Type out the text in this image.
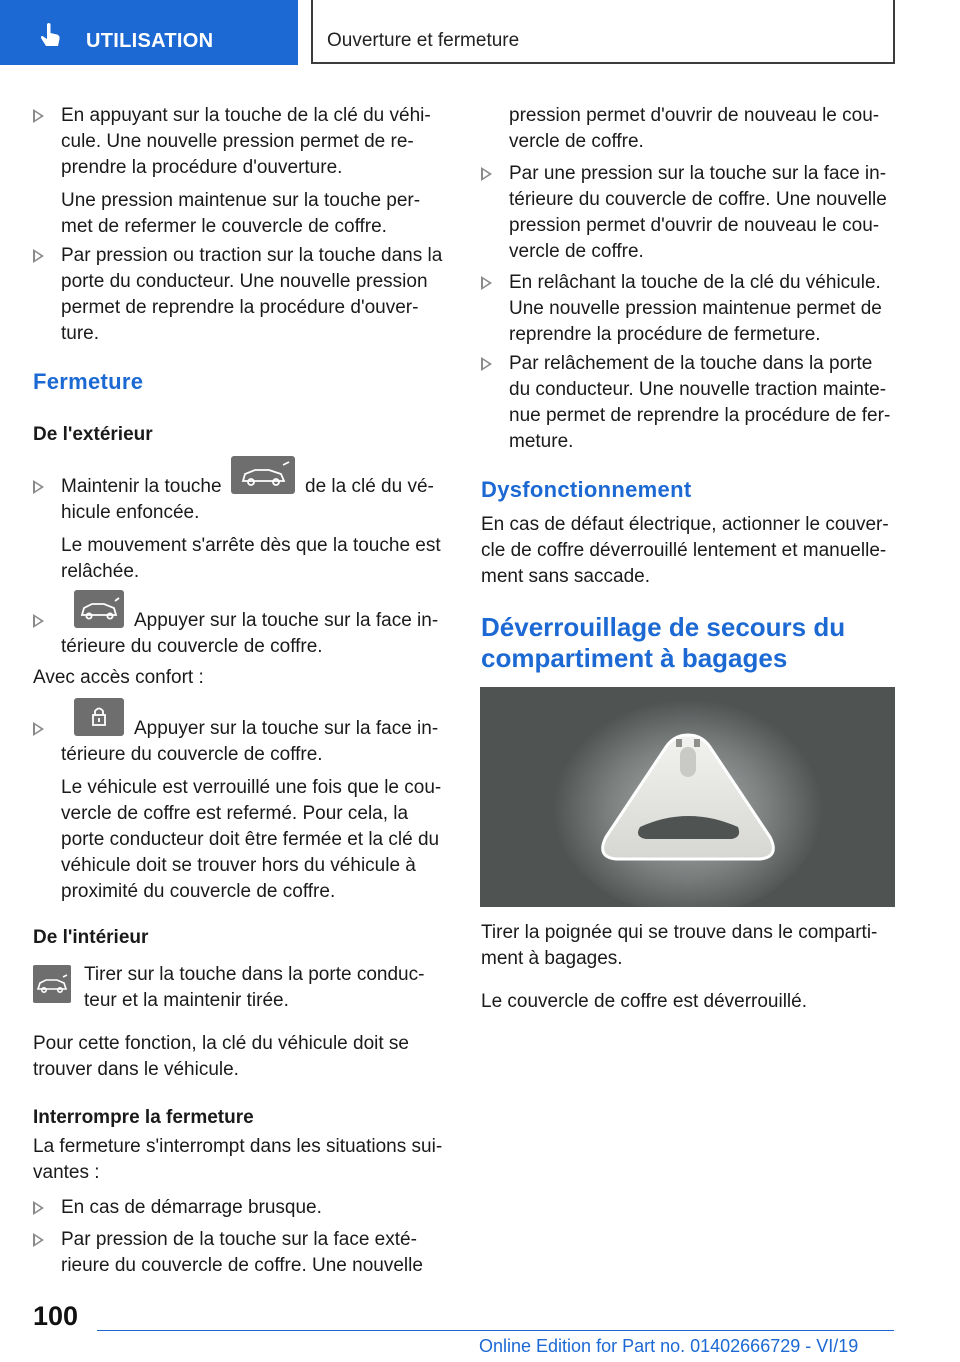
UTILISATION	Ouverture et fermeture
En appuyant sur la touche de la clé du véhi‐
cule. Une nouvelle pression permet de re‐
prendre la procédure d'ouverture.
Une pression maintenue sur la touche per‐
met de refermer le couvercle de coffre.
Par pression ou traction sur la touche dans la
porte du conducteur. Une nouvelle pression
permet de reprendre la procédure d'ouver‐
ture.
Fermeture
De l'extérieur
Maintenir la touche	de la clé du vé‐
hicule enfoncée.
Le mouvement s'arrête dès que la touche est
relâchée.
Appuyer sur la touche sur la face in‐
térieure du couvercle de coffre.
Avec accès confort :
Appuyer sur la touche sur la face in‐
térieure du couvercle de coffre.
Le véhicule est verrouillé une fois que le cou‐
vercle de coffre est refermé. Pour cela, la
porte conducteur doit être fermée et la clé du
véhicule doit se trouver hors du véhicule à
proximité du couvercle de coffre.
De l'intérieur
Tirer sur la touche dans la porte conduc‐
teur et la maintenir tirée.
Pour cette fonction, la clé du véhicule doit se
trouver dans le véhicule.
Interrompre la fermeture
La fermeture s'interrompt dans les situations sui‐
vantes :
En cas de démarrage brusque.
Par pression de la touche sur la face exté‐
rieure du couvercle de coffre. Une nouvelle
pression permet d'ouvrir de nouveau le cou‐
vercle de coffre.
Par une pression sur la touche sur la face in‐
térieure du couvercle de coffre. Une nouvelle
pression permet d'ouvrir de nouveau le cou‐
vercle de coffre.
En relâchant la touche de la clé du véhicule.
Une nouvelle pression maintenue permet de
reprendre la procédure de fermeture.
Par relâchement de la touche dans la porte
du conducteur. Une nouvelle traction mainte‐
nue permet de reprendre la procédure de fer‐
meture.
Dysfonctionnement
En cas de défaut électrique, actionner le couver‐
cle de coffre déverrouillé lentement et manuelle‐
ment sans saccade.
Déverrouillage de secours du
compartiment à bagages
Tirer la poignée qui se trouve dans le comparti‐
ment à bagages.
Le couvercle de coffre est déverrouillé.
100
Online Edition for Part no. 01402666729 - VI/19
